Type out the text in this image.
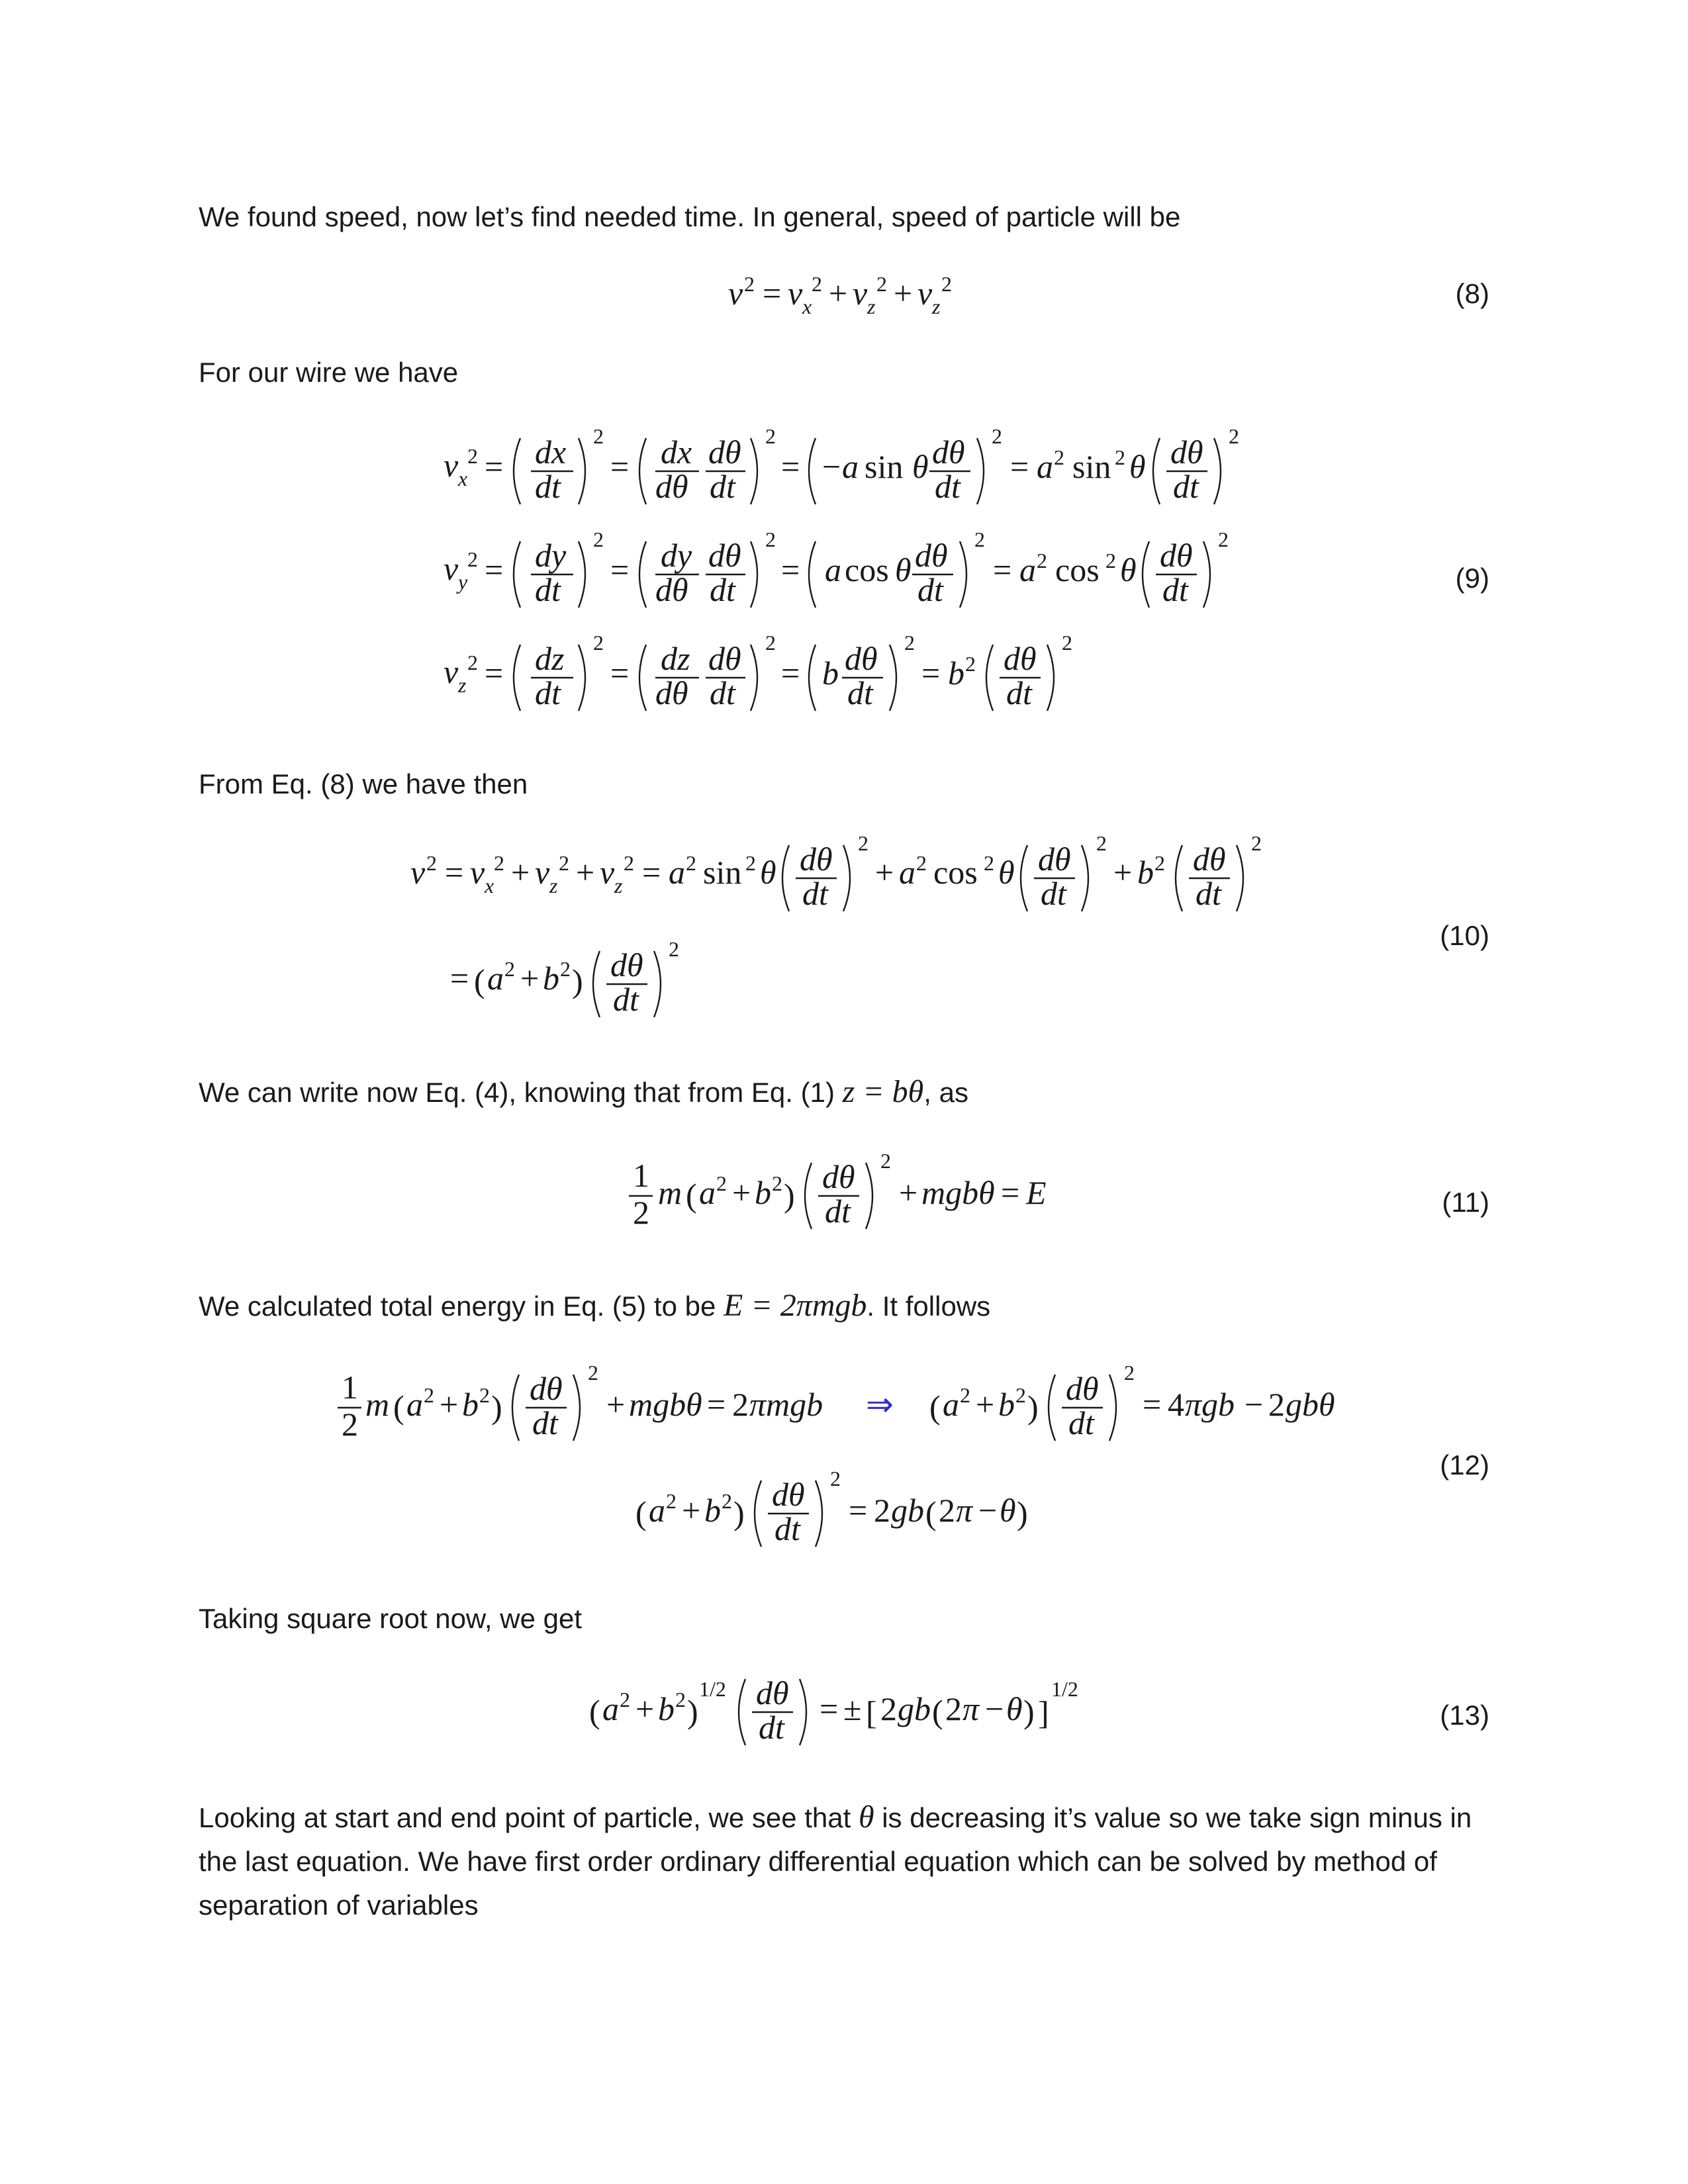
We found speed, now let’s find needed time. In general, speed of particle will be

v 2 = v x
2 + v z
2 + v z
2	(8)

For our wire we have

v x
2 = dx
dt
2
= dx
dθ
dθ
dt
2
= − a sin θ dθ
dt
2
= a 2 sin 2 θ dθ
dt
2
v y
2 = dy
dt
2
= dy
dθ
dθ
dt
2
= a cos θ dθ
dt
2
= a 2 cos 2 θ dθ
dt
2
v z
2 = dz
dt
2
= dz
dθ
dθ
dt
2
= b dθ
dt
2
= b 2 dθ
dt
2
(9)

From Eq. (8) we have then

v 2 = v x
2 + v z
2 + v z
2 = a 2 sin 2 θ dθ
dt
2
+ a 2 cos 2 θ dθ
dt
2
+ b 2 dθ
dt
2
= ( a 2 + b 2 ) dθ
dt
2	(10)

We can write now Eq. (4), knowing that from Eq. (1) z = bθ, as

1
2
m ( a 2 + b 2 ) dθ
dt
2
+ mgbθ = E	(11)

We calculated total energy in Eq. (5) to be E = 2πmgb. It follows

1
2
m ( a 2 + b 2 ) dθ
dt
2
+ mgbθ = 2 πmgb ⇒ ( a 2 + b 2 ) dθ
dt
2
= 4 πgb − 2 gbθ
( a 2 + b 2 ) dθ
dt
2
= 2 gb ( 2 π − θ )
(12)

Taking square root now, we get

( a 2 + b 2 )
1/2 dθ
dt = ± [ 2 gb ( 2 π − θ ) ]
1/2
(13)
Looking at start and end point of particle, we see that θ is decreasing it’s value so we take sign minus in
the last equation. We have first order ordinary differential equation which can be solved by method of
separation of variables
